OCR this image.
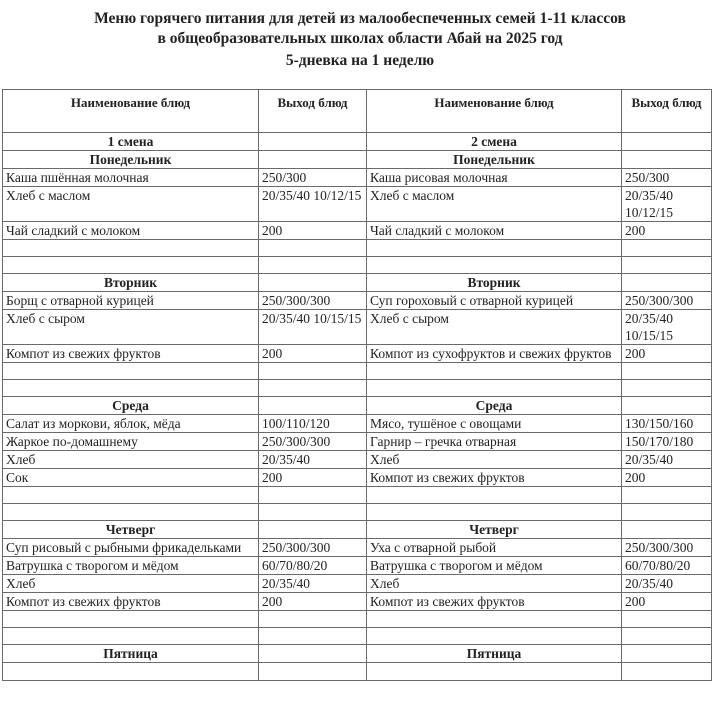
Меню горячего питания для детей из малообеспеченных семей 1-11 классов
в общеобразовательных школах области Абай на 2025 год
5-дневка на 1 неделю
Наименование блюд	Выход блюд	Наименование блюд	Выход блюд
1 смена		2 смена	
Понедельник		Понедельник	
Каша пшённая молочная	250/300	Каша рисовая молочная	250/300
Хлеб с маслом	20/35/40 10/12/15	Хлеб с маслом	20/35/40 10/12/15
Чай сладкий с молоком	200	Чай сладкий с молоком	200

Вторник		Вторник	
Борщ с отварной курицей	250/300/300	Суп гороховый с отварной курицей	250/300/300
Хлеб с сыром	20/35/40 10/15/15	Хлеб с сыром	20/35/40 10/15/15
Компот из свежих фруктов	200	Компот из сухофруктов и свежих фруктов	200

Среда		Среда	
Салат из моркови, яблок, мёда	100/110/120	Мясо, тушёное с овощами	130/150/160
Жаркое по-домашнему	250/300/300	Гарнир – гречка отварная	150/170/180
Хлеб	20/35/40	Хлеб	20/35/40
Сок	200	Компот из свежих фруктов	200

Четверг		Четверг	
Суп рисовый с рыбными фрикадельками	250/300/300	Уха с отварной рыбой	250/300/300
Ватрушка с творогом и мёдом	60/70/80/20	Ватрушка с творогом и мёдом	60/70/80/20
Хлеб	20/35/40	Хлеб	20/35/40
Компот из свежих фруктов	200	Компот из свежих фруктов	200

Пятница		Пятница	
